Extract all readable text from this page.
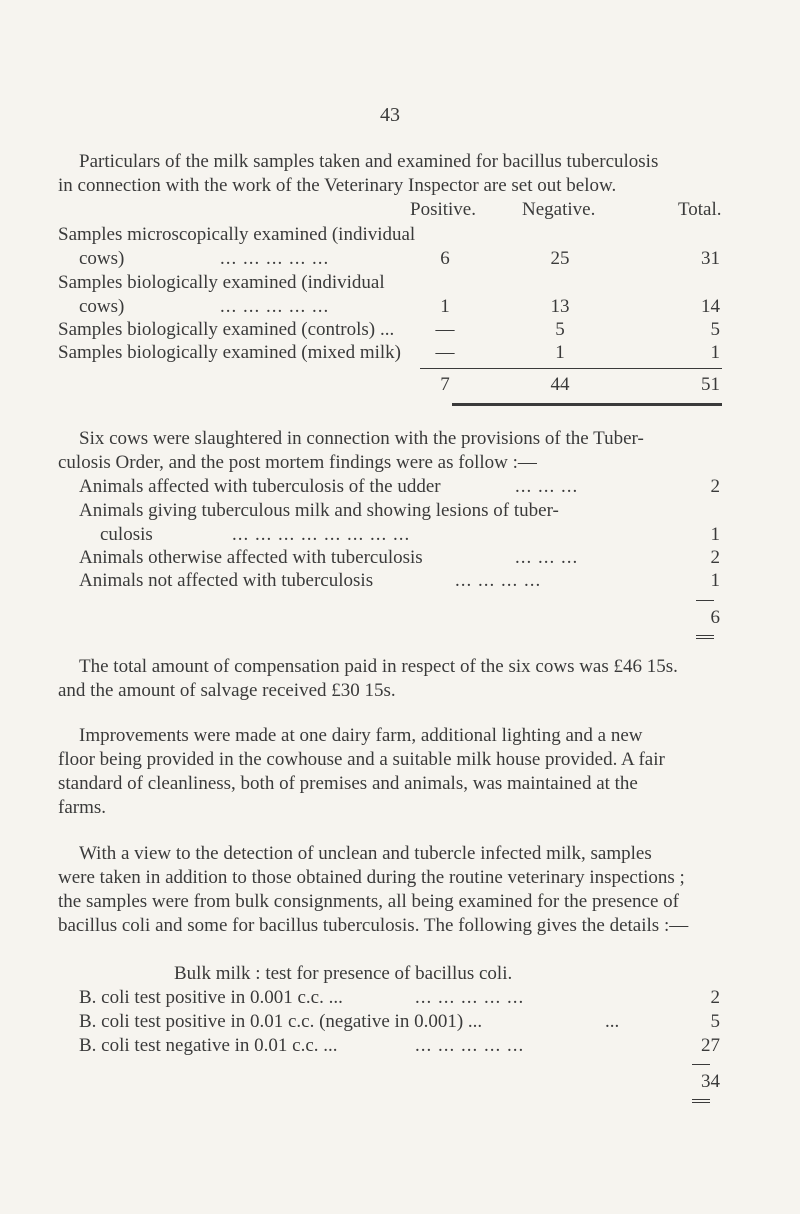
43
Particulars of the milk samples taken and examined for bacillus tuberculosis
in connection with the work of the Veterinary Inspector are set out below.
Positive. Negative.	Total.
Samples microscopically examined (individual
cows)	... ... ... ... ...	6	25	31
Samples biologically examined (individual
cows)	... ... ... ... ...	1	13	14
Samples biologically examined (controls) ...	—	5	5
Samples biologically examined (mixed milk)	—	1	1
7	44	51
Six cows were slaughtered in connection with the provisions of the Tuber-
culosis Order, and the post mortem findings were as follow :—
Animals affected with tuberculosis of the udder	... ... ...	2
Animals giving tuberculous milk and showing lesions of tuber-
culosis	... ... ... ... ... ... ... ...	1
Animals otherwise affected with tuberculosis	... ... ...	2
Animals not affected with tuberculosis	... ... ... ...	1
6
The total amount of compensation paid in respect of the six cows was £46 15s.
and the amount of salvage received £30 15s.
Improvements were made at one dairy farm, additional lighting and a new
floor being provided in the cowhouse and a suitable milk house provided. A fair
standard of cleanliness, both of premises and animals, was maintained at the
farms.
With a view to the detection of unclean and tubercle infected milk, samples
were taken in addition to those obtained during the routine veterinary inspections ;
the samples were from bulk consignments, all being examined for the presence of
bacillus coli and some for bacillus tuberculosis. The following gives the details :—
Bulk milk : test for presence of bacillus coli.
B. coli test positive in 0.001 c.c. ...	... ... ... ... ...	2
B. coli test positive in 0.01 c.c. (negative in 0.001) ...	...	5
B. coli test negative in 0.01 c.c. ...	... ... ... ... ...	27
34
